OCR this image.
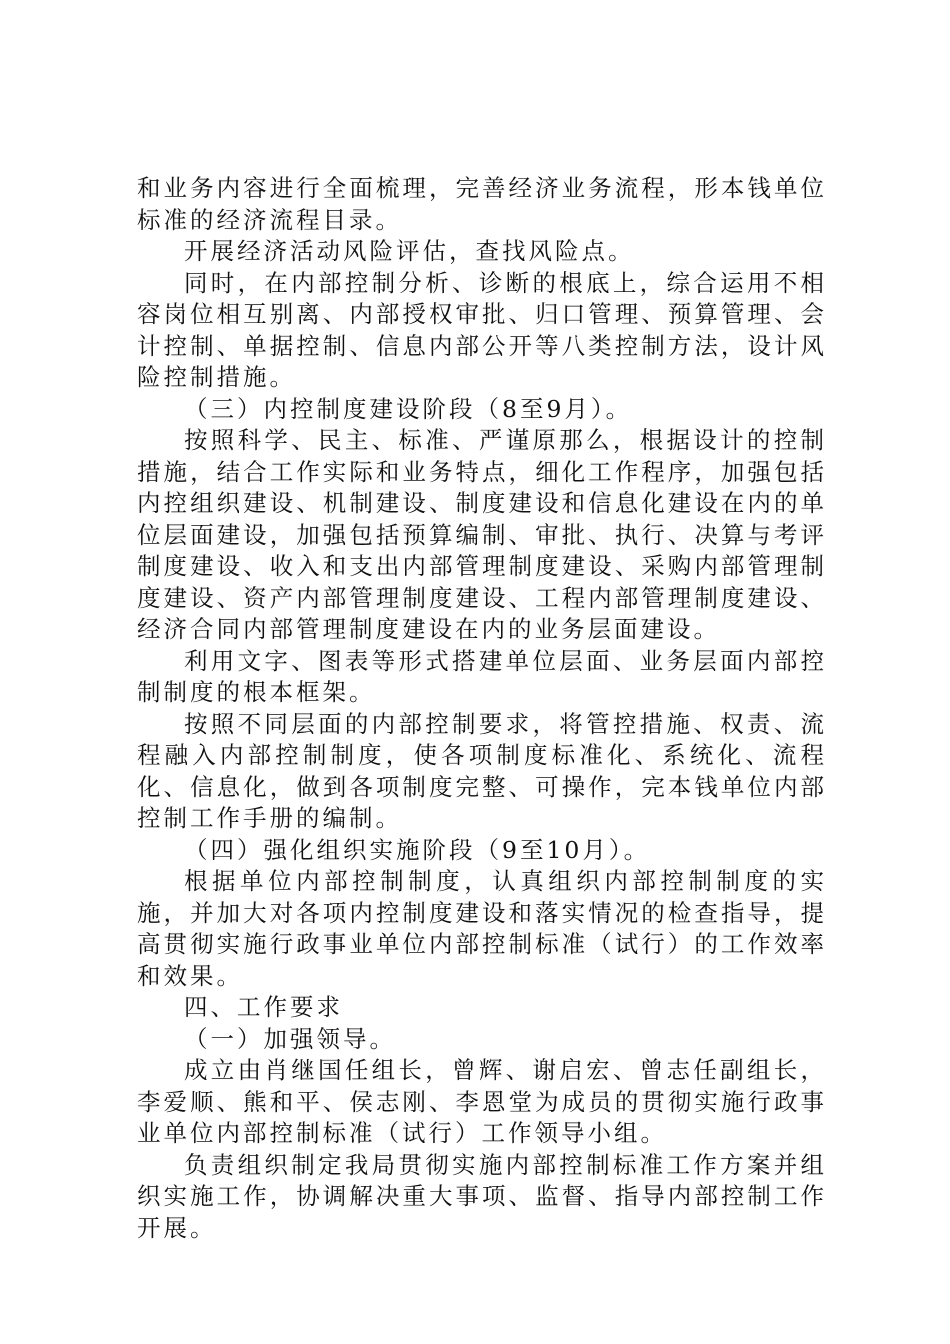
和业务内容进行全面梳理，完善经济业务流程，形本钱单位标准的经济流程目录。

开展经济活动风险评估，查找风险点。

同时，在内部控制分析、诊断的根底上，综合运用不相容岗位相互别离、内部授权审批、归口管理、预算管理、会计控制、单据控制、信息内部公开等八类控制方法，设计风险控制措施。

（三）内控制度建设阶段（8至9月）。

按照科学、民主、标准、严谨原那么，根据设计的控制措施，结合工作实际和业务特点，细化工作程序，加强包括内控组织建设、机制建设、制度建设和信息化建设在内的单位层面建设，加强包括预算编制、审批、执行、决算与考评制度建设、收入和支出内部管理制度建设、采购内部管理制度建设、资产内部管理制度建设、工程内部管理制度建设、经济合同内部管理制度建设在内的业务层面建设。

利用文字、图表等形式搭建单位层面、业务层面内部控制制度的根本框架。

按照不同层面的内部控制要求，将管控措施、权责、流程融入内部控制制度，使各项制度标准化、系统化、流程化、信息化，做到各项制度完整、可操作，完本钱单位内部控制工作手册的编制。

（四）强化组织实施阶段（9至10月）。

根据单位内部控制制度，认真组织内部控制制度的实施，并加大对各项内控制度建设和落实情况的检查指导，提高贯彻实施行政事业单位内部控制标准（试行）的工作效率和效果。

四、工作要求

（一）加强领导。

成立由肖继国任组长，曾辉、谢启宏、曾志任副组长，李爱顺、熊和平、侯志刚、李恩堂为成员的贯彻实施行政事业单位内部控制标准（试行）工作领导小组。

负责组织制定我局贯彻实施内部控制标准工作方案并组织实施工作，协调解决重大事项、监督、指导内部控制工作开展。
